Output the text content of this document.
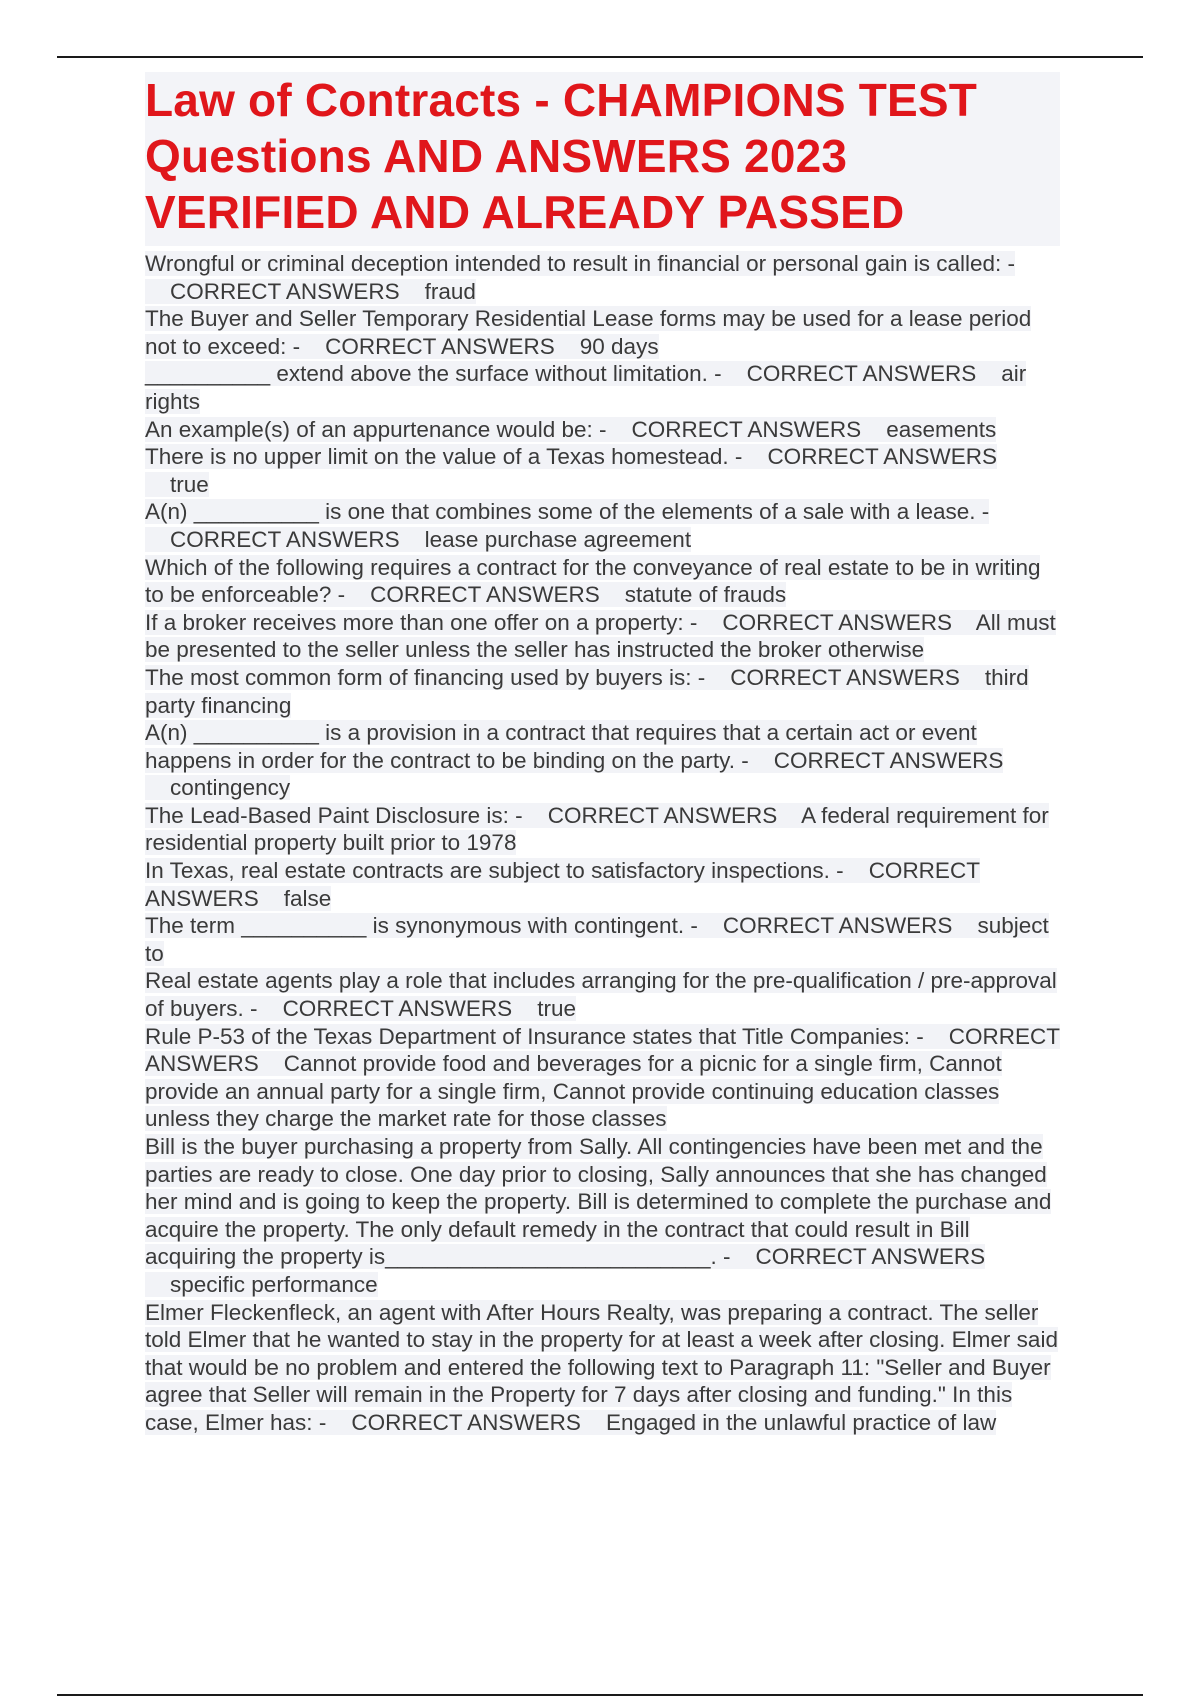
Law of Contracts - CHAMPIONS TEST Questions AND ANSWERS 2023 VERIFIED AND ALREADY PASSED

Wrongful or criminal deception intended to result in financial or personal gain is called: -    CORRECT ANSWERS fraud

The Buyer and Seller Temporary Residential Lease forms may be used for a lease period not to exceed: - CORRECT ANSWERS 90 days

__________ extend above the surface without limitation. - CORRECT ANSWERS air rights

An example(s) of an appurtenance would be: - CORRECT ANSWERS easements

There is no upper limit on the value of a Texas homestead. - CORRECT ANSWERS    true

A(n) __________ is one that combines some of the elements of a sale with a lease. -    CORRECT ANSWERS lease purchase agreement

Which of the following requires a contract for the conveyance of real estate to be in writing to be enforceable? - CORRECT ANSWERS statute of frauds

If a broker receives more than one offer on a property: - CORRECT ANSWERS All must be presented to the seller unless the seller has instructed the broker otherwise

The most common form of financing used by buyers is: - CORRECT ANSWERS third party financing

A(n) __________ is a provision in a contract that requires that a certain act or event happens in order for the contract to be binding on the party. - CORRECT ANSWERS    contingency

The Lead-Based Paint Disclosure is: - CORRECT ANSWERS A federal requirement for residential property built prior to 1978

In Texas, real estate contracts are subject to satisfactory inspections. - CORRECT ANSWERS false

The term __________ is synonymous with contingent. - CORRECT ANSWERS subject to

Real estate agents play a role that includes arranging for the pre-qualification / pre-approval of buyers. - CORRECT ANSWERS true

Rule P-53 of the Texas Department of Insurance states that Title Companies: - CORRECT ANSWERS Cannot provide food and beverages for a picnic for a single firm, Cannot provide an annual party for a single firm, Cannot provide continuing education classes unless they charge the market rate for those classes

Bill is the buyer purchasing a property from Sally. All contingencies have been met and the parties are ready to close. One day prior to closing, Sally announces that she has changed her mind and is going to keep the property. Bill is determined to complete the purchase and acquire the property. The only default remedy in the contract that could result in Bill acquiring the property is__________________________. - CORRECT ANSWERS    specific performance

Elmer Fleckenfleck, an agent with After Hours Realty, was preparing a contract. The seller told Elmer that he wanted to stay in the property for at least a week after closing. Elmer said that would be no problem and entered the following text to Paragraph 11: "Seller and Buyer agree that Seller will remain in the Property for 7 days after closing and funding." In this case, Elmer has: - CORRECT ANSWERS Engaged in the unlawful practice of law
